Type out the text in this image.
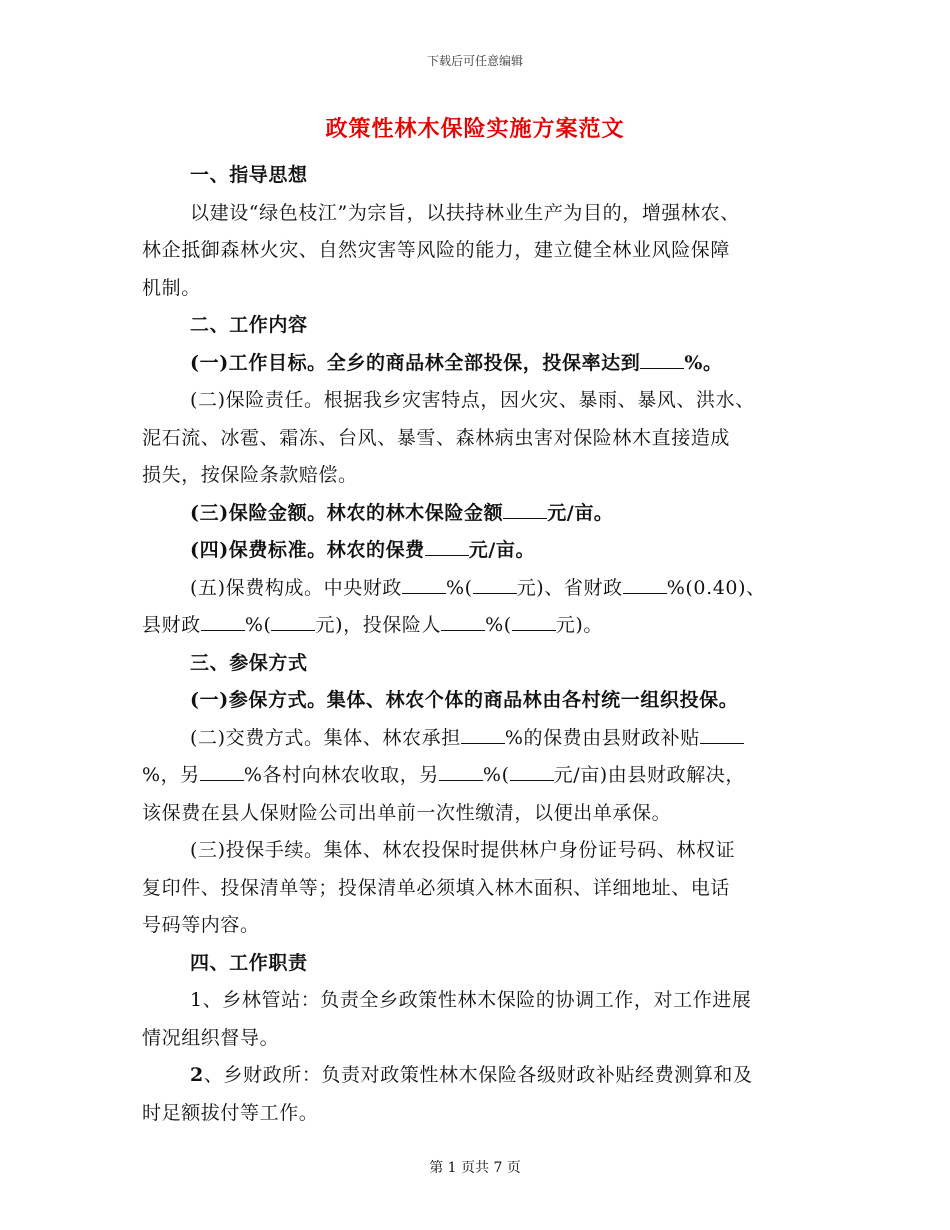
下载后可任意编辑
政策性林木保险实施方案范文

一、指导思想

以建设“绿色枝江”为宗旨，以扶持林业生产为目的，增强林农、

林企抵御森林火灾、自然灾害等风险的能力，建立健全林业风险保障

机制。

二、工作内容

(一)工作目标。全乡的商品林全部投保，投保率达到 %。

(二)保险责任。根据我乡灾害特点，因火灾、暴雨、暴风、洪水、

泥石流、冰雹、霜冻、台风、暴雪、森林病虫害对保险林木直接造成

损失，按保险条款赔偿。

(三)保险金额。林农的林木保险金额 元/亩。

(四)保费标准。林农的保费 元/亩。

(五)保费构成。中央财政 %( 元)、省财政 %(0.40)、

县财政 %( 元)，投保险人 %( 元)。

三、参保方式

(一)参保方式。集体、林农个体的商品林由各村统一组织投保。

(二)交费方式。集体、林农承担 %的保费由县财政补贴

%，另 %各村向林农收取，另 %( 元/亩)由县财政解决，

该保费在县人保财险公司出单前一次性缴清，以便出单承保。

(三)投保手续。集体、林农投保时提供林户身份证号码、林权证

复印件、投保清单等；投保清单必须填入林木面积、详细地址、电话

号码等内容。

四、工作职责

1、乡林管站：负责全乡政策性林木保险的协调工作，对工作进展

情况组织督导。

2、乡财政所：负责对政策性林木保险各级财政补贴经费测算和及

时足额拔付等工作。

第 1 页共 7 页
